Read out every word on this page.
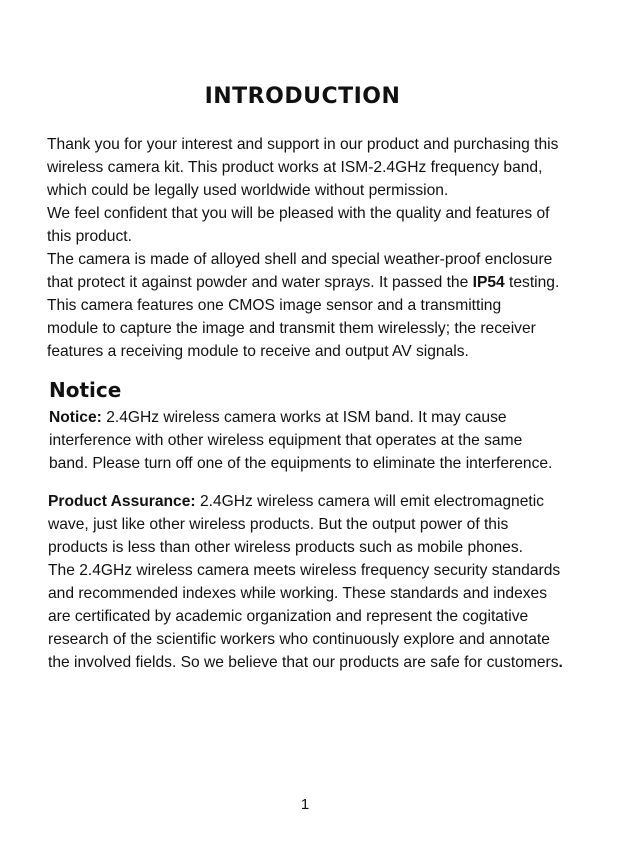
INTRODUCTION
Thank you for your interest and support in our product and purchasing this
wireless camera kit. This product works at ISM-2.4GHz frequency band,
which could be legally used worldwide without permission.
We feel confident that you will be pleased with the quality and features of
this product.
The camera is made of alloyed shell and special weather-proof enclosure
that protect it against powder and water sprays. It passed the IP54 testing.
This camera features one CMOS image sensor and a transmitting
module to capture the image and transmit them wirelessly; the receiver
features a receiving module to receive and output AV signals.
Notice
Notice: 2.4GHz wireless camera works at ISM band. It may cause
interference with other wireless equipment that operates at the same
band. Please turn off one of the equipments to eliminate the interference.
Product Assurance: 2.4GHz wireless camera will emit electromagnetic
wave, just like other wireless products. But the output power of this
products is less than other wireless products such as mobile phones.
The 2.4GHz wireless camera meets wireless frequency security standards
and recommended indexes while working. These standards and indexes
are certificated by academic organization and represent the cogitative
research of the scientific workers who continuously explore and annotate
the involved fields. So we believe that our products are safe for customers.
1
